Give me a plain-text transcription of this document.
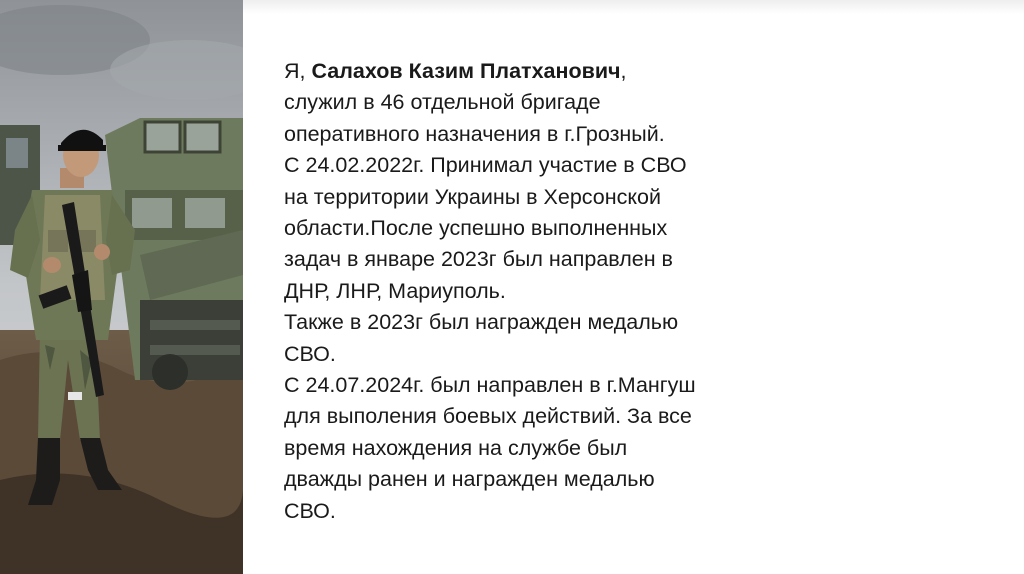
Я, Салахов Казим Платханович,
служил в 46 отдельной бригаде
оперативного назначения в г.Грозный.
С 24.02.2022г. Принимал участие в СВО
на территории Украины в Херсонской
области.После успешно выполненных
задач в январе 2023г был направлен в
ДНР, ЛНР, Мариуполь.
Также в 2023г был награжден медалью
СВО.
С 24.07.2024г. был направлен в г.Мангуш
для выполения боевых действий. За все
время нахождения на службе был
дважды ранен и награжден медалью
СВО.
